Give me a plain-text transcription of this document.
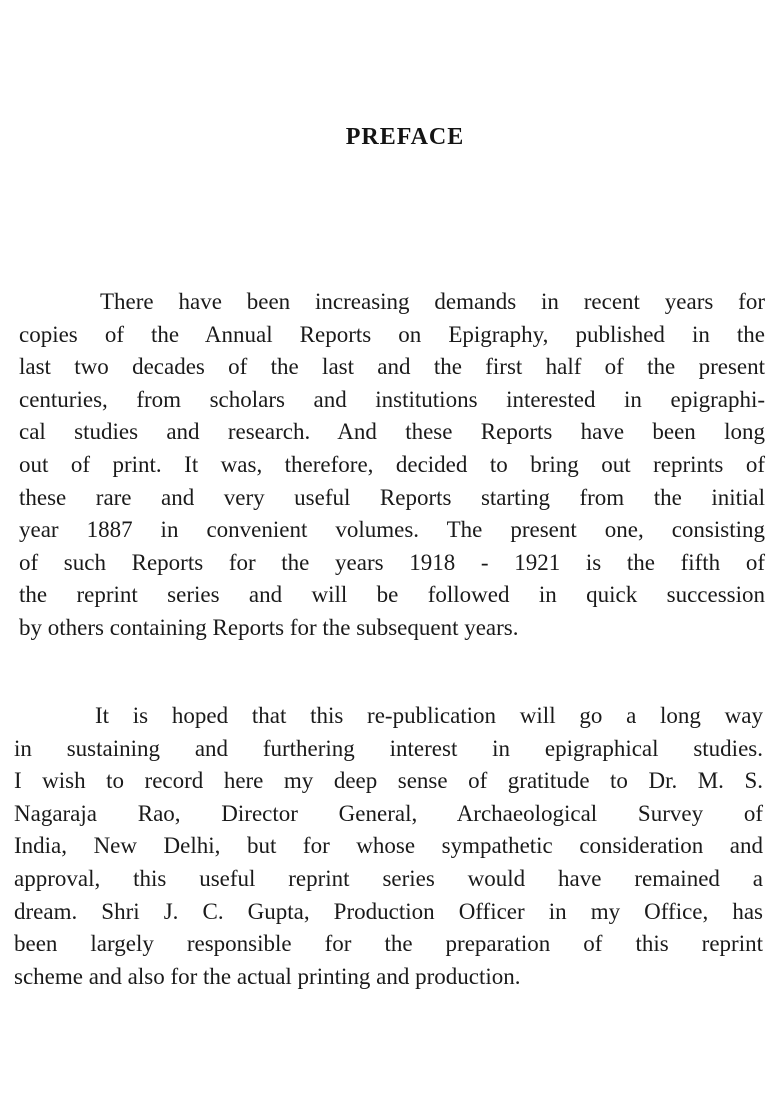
PREFACE
There have been increasing demands in recent years for
copies of the Annual Reports on Epigraphy, published in the
last two decades of the last and the first half of the present
centuries, from scholars and institutions interested in epigraphi-
cal studies and research. And these Reports have been long
out of print. It was, therefore, decided to bring out reprints of
these rare and very useful Reports starting from the initial
year 1887 in convenient volumes. The present one, consisting
of such Reports for the years 1918 - 1921 is the fifth of
the reprint series and will be followed in quick succession
by others containing Reports for the subsequent years.
It is hoped that this re-publication will go a long way
in sustaining and furthering interest in epigraphical studies.
I wish to record here my deep sense of gratitude to Dr. M. S.
Nagaraja Rao, Director General, Archaeological Survey of
India, New Delhi, but for whose sympathetic consideration and
approval, this useful reprint series would have remained a
dream. Shri J. C. Gupta, Production Officer in my Office, has
been largely responsible for the preparation of this reprint
scheme and also for the actual printing and production.
